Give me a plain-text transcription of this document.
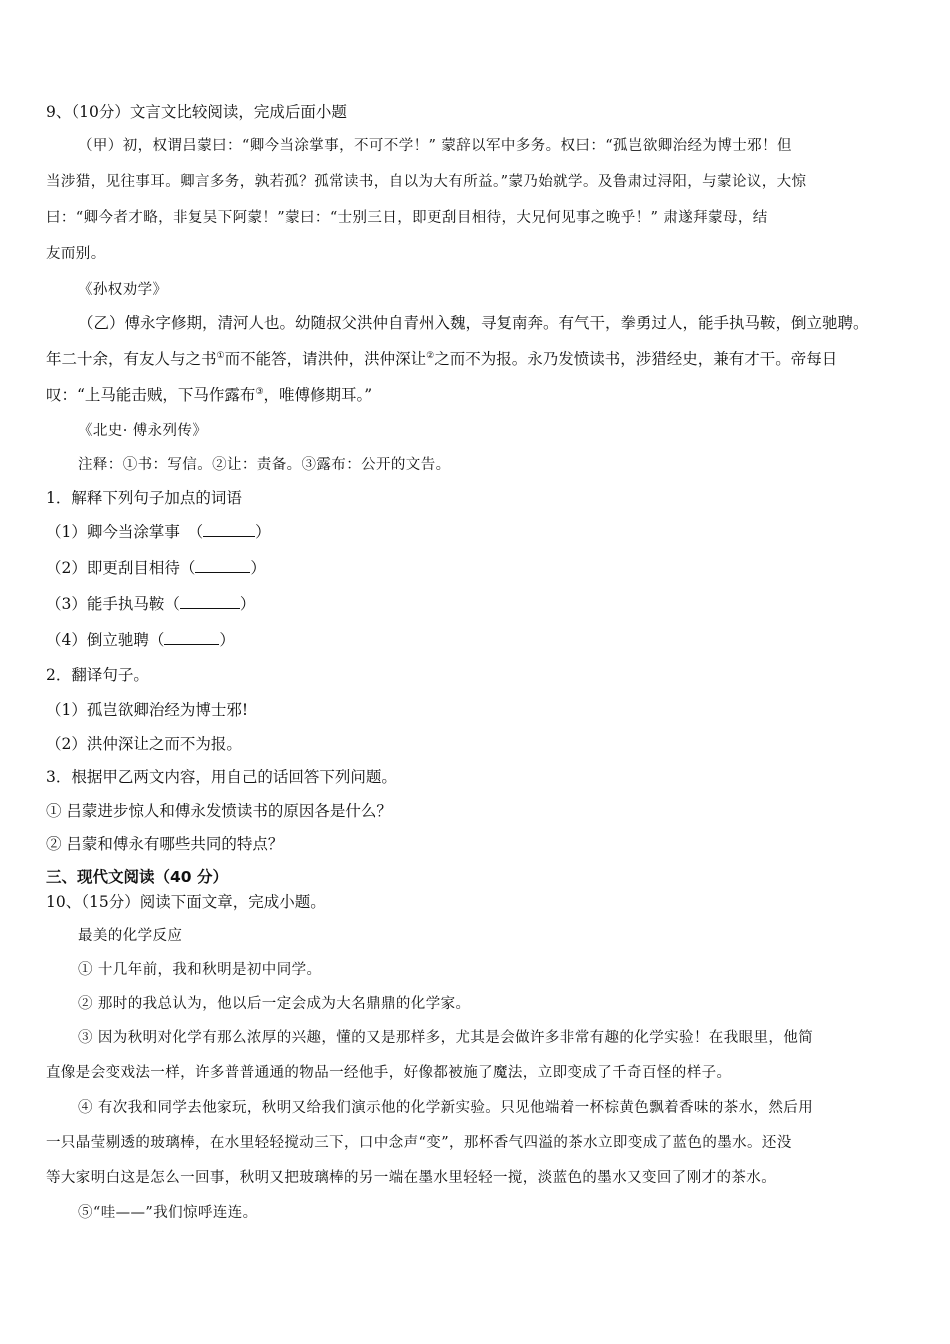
9、（10分）文言文比较阅读，完成后面小题
（甲）初，权谓吕蒙曰：“卿今当涂掌事，不可不学！” 蒙辞以军中多务。权曰：“孤岂欲卿治经为博士邪！但
当涉猎，见往事耳。卿言多务，孰若孤？孤常读书，自以为大有所益。”蒙乃始就学。及鲁肃过浔阳，与蒙论议，大惊
曰：“卿今者才略，非复吴下阿蒙！”蒙曰：“士别三日，即更刮目相待，大兄何见事之晚乎！” 肃遂拜蒙母，结
友而别。
《孙权劝学》
（乙）傅永字修期，清河人也。幼随叔父洪仲自青州入魏，寻复南奔。有气干，拳勇过人，能手执马鞍，倒立驰聘。
年二十余，有友人与之书①而不能答，请洪仲，洪仲深让②之而不为报。永乃发愤读书，涉猎经史，兼有才干。帝每日
叹：“上马能击贼，下马作露布③，唯傅修期耳。”
《北史· 傅永列传》
注释：①书：写信。②让：责备。③露布：公开的文告。
1．解释下列句子加点的词语
（1）卿今当涂掌事　（	）
（2）即更刮目相待（	）
（3）能手执马鞍（	）
（4）倒立驰聘（	）
2．翻译句子。
（1）孤岂欲卿治经为博士邪!
（2）洪仲深让之而不为报。
3．根据甲乙两文内容，用自己的话回答下列问题。
① 吕蒙进步惊人和傅永发愤读书的原因各是什么？
② 吕蒙和傅永有哪些共同的特点？
三、现代文阅读（40 分）
10、（15分）阅读下面文章，完成小题。
最美的化学反应
① 十几年前，我和秋明是初中同学。
② 那时的我总认为，他以后一定会成为大名鼎鼎的化学家。
③ 因为秋明对化学有那么浓厚的兴趣，懂的又是那样多，尤其是会做许多非常有趣的化学实验！在我眼里，他简
直像是会变戏法一样，许多普普通通的物品一经他手，好像都被施了魔法，立即变成了千奇百怪的样子。
④ 有次我和同学去他家玩，秋明又给我们演示他的化学新实验。只见他端着一杯棕黄色飘着香味的茶水，然后用
一只晶莹剔透的玻璃棒，在水里轻轻搅动三下，口中念声“变”，那杯香气四溢的茶水立即变成了蓝色的墨水。还没
等大家明白这是怎么一回事，秋明又把玻璃棒的另一端在墨水里轻轻一搅，淡蓝色的墨水又变回了刚才的茶水。
⑤“哇——”我们惊呼连连。
